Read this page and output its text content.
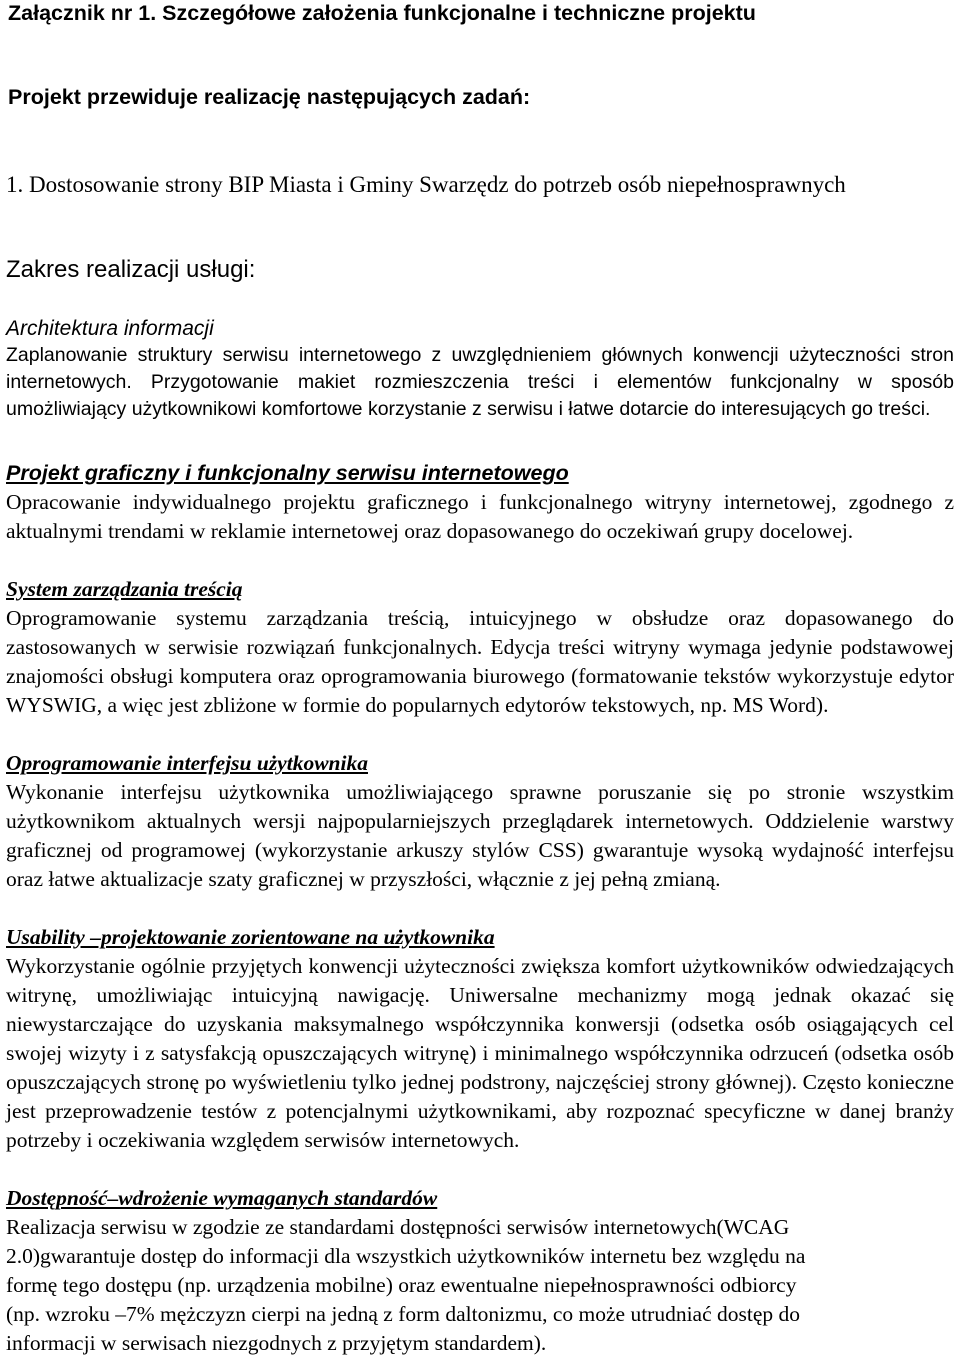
Załącznik nr 1. Szczegółowe założenia funkcjonalne i techniczne projektu
Projekt przewiduje realizację następujących zadań:
1. Dostosowanie strony BIP Miasta i Gminy Swarzędz do potrzeb osób niepełnosprawnych
Zakres realizacji usługi:

Architektura informacji

Zaplanowanie struktury serwisu internetowego z uwzględnieniem głównych konwencji użyteczności stron internetowych. Przygotowanie makiet rozmieszczenia treści i elementów funkcjonalny w sposób umożliwiający użytkownikowi komfortowe korzystanie z serwisu i łatwe dotarcie do interesujących go treści.

Projekt graficzny i funkcjonalny serwisu internetowego

Opracowanie indywidualnego projektu graficznego i funkcjonalnego witryny internetowej, zgodnego z aktualnymi trendami w reklamie internetowej oraz dopasowanego do oczekiwań grupy docelowej.

System zarządzania treścią

Oprogramowanie systemu zarządzania treścią, intuicyjnego w obsłudze oraz dopasowanego do zastosowanych w serwisie rozwiązań funkcjonalnych. Edycja treści witryny wymaga jedynie podstawowej znajomości obsługi komputera oraz oprogramowania biurowego (formatowanie tekstów wykorzystuje edytor WYSWIG, a więc jest zbliżone w formie do popularnych edytorów tekstowych, np. MS Word).

Oprogramowanie interfejsu użytkownika

Wykonanie interfejsu użytkownika umożliwiającego sprawne poruszanie się po stronie wszystkim użytkownikom aktualnych wersji najpopularniejszych przeglądarek internetowych. Oddzielenie warstwy graficznej od programowej (wykorzystanie arkuszy stylów CSS) gwarantuje wysoką wydajność interfejsu oraz łatwe aktualizacje szaty graficznej w przyszłości, włącznie z jej pełną zmianą.

Usability –projektowanie zorientowane na użytkownika

Wykorzystanie ogólnie przyjętych konwencji użyteczności zwiększa komfort użytkowników odwiedzających witrynę, umożliwiając intuicyjną nawigację. Uniwersalne mechanizmy mogą jednak okazać się niewystarczające do uzyskania maksymalnego współczynnika konwersji (odsetka osób osiągających cel swojej wizyty i z satysfakcją opuszczających witrynę) i minimalnego współczynnika odrzuceń (odsetka osób opuszczających stronę po wyświetleniu tylko jednej podstrony, najczęściej strony głównej). Często konieczne jest przeprowadzenie testów z potencjalnymi użytkownikami, aby rozpoznać specyficzne w danej branży potrzeby i oczekiwania względem serwisów internetowych.

Dostępność–wdrożenie wymaganych standardów

Realizacja serwisu w zgodzie ze standardami dostępności serwisów internetowych(WCAG
2.0)gwarantuje dostęp do informacji dla wszystkich użytkowników internetu bez względu na
formę tego dostępu (np. urządzenia mobilne) oraz ewentualne niepełnosprawności odbiorcy
(np. wzroku –7% mężczyzn cierpi na jedną z form daltonizmu, co może utrudniać dostęp do
informacji w serwisach niezgodnych z przyjętym standardem).
